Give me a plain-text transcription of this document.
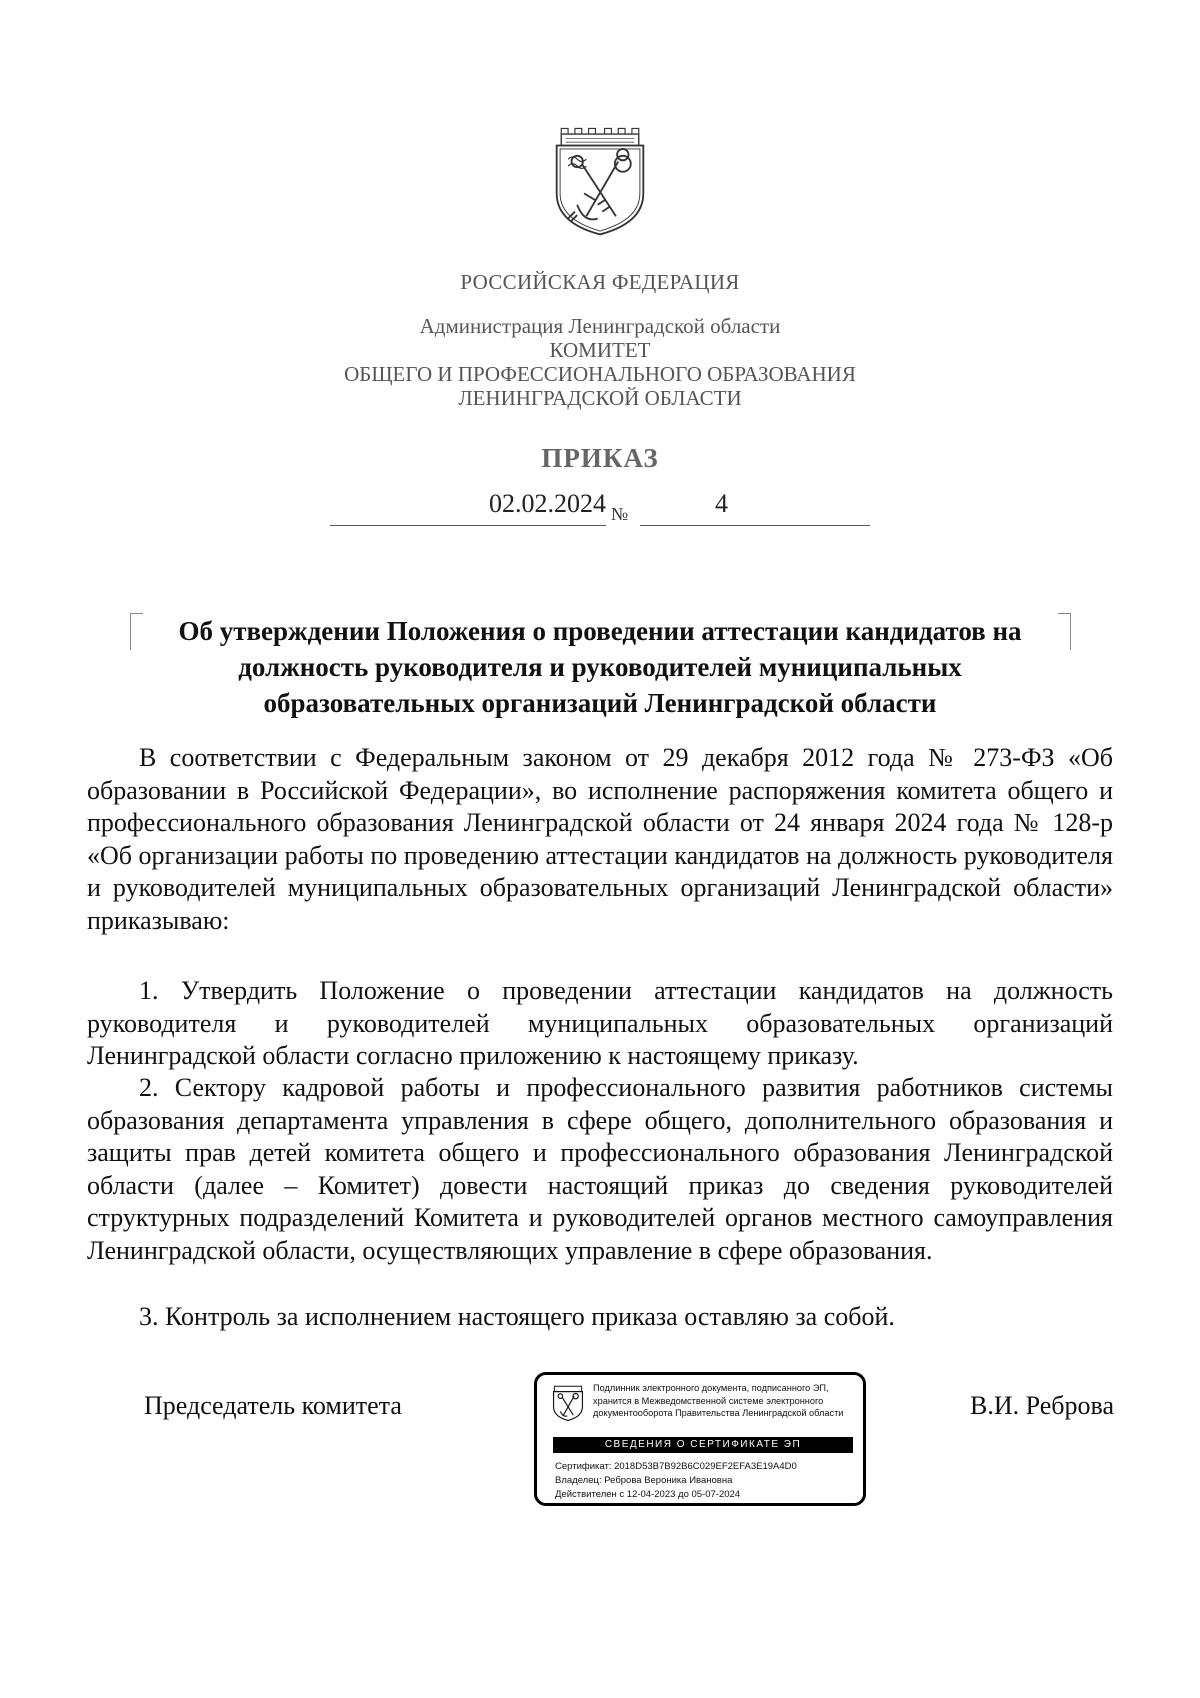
РОССИЙСКАЯ ФЕДЕРАЦИЯ
Администрация Ленинградской области
КОМИТЕТ
ОБЩЕГО И ПРОФЕССИОНАЛЬНОГО ОБРАЗОВАНИЯ
ЛЕНИНГРАДСКОЙ ОБЛАСТИ
ПРИКАЗ
02.02.2024 №	4
Об утверждении Положения о проведении аттестации кандидатов на
должность руководителя и руководителей муниципальных
образовательных организаций Ленинградской области

В соответствии с Федеральным законом от 29 декабря 2012 года № 273-ФЗ «Об образовании в Российской Федерации», во исполнение распоряжения комитета общего и профессионального образования Ленинградской области от 24 января 2024 года № 128-р «Об организации работы по проведению аттестации кандидатов на должность руководителя и руководителей муниципальных образовательных организаций Ленинградской области» приказываю:

1. Утвердить Положение о проведении аттестации кандидатов на должность руководителя и руководителей муниципальных образовательных организаций Ленинградской области согласно приложению к настоящему приказу.

2. Сектору кадровой работы и профессионального развития работников системы образования департамента управления в сфере общего, дополнительного образования и защиты прав детей комитета общего и профессионального образования Ленинградской области (далее – Комитет) довести настоящий приказ до сведения руководителей структурных подразделений Комитета и руководителей органов местного самоуправления Ленинградской области, осуществляющих управление в сфере образования.

3. Контроль за исполнением настоящего приказа оставляю за собой.

Председатель комитета	В.И. Реброва
Подлинник электронного документа, подписанного ЭП,
хранится в Межведомственной системе электронного
документооборота Правительства Ленинградской области
СВЕДЕНИЯ О СЕРТИФИКАТЕ ЭП
Сертификат: 2018D53B7B92B6C029EF2EFA3E19A4D0
Владелец: Реброва Вероника Ивановна
Действителен с 12-04-2023 до 05-07-2024
